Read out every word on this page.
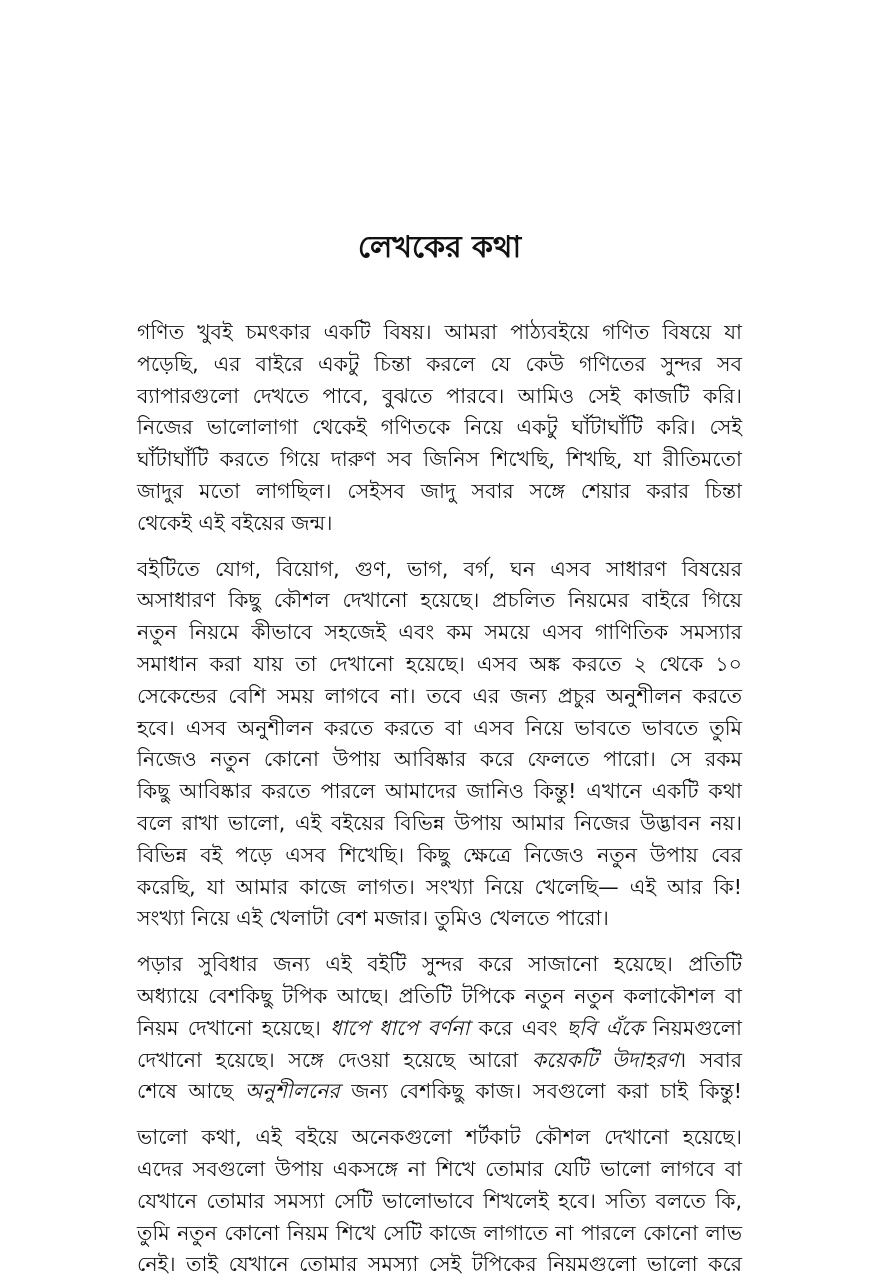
লেখকের কথা

গণিত খুবই চমৎকার একটি বিষয়। আমরা পাঠ্যবইয়ে গণিত বিষয়ে যা
পড়েছি, এর বাইরে একটু চিন্তা করলে যে কেউ গণিতের সুন্দর সব
ব্যাপারগুলো দেখতে পাবে, বুঝতে পারবে। আমিও সেই কাজটি করি।
নিজের ভালোলাগা থেকেই গণিতকে নিয়ে একটু ঘাঁটাঘাঁটি করি। সেই
ঘাঁটাঘাঁটি করতে গিয়ে দারুণ সব জিনিস শিখেছি, শিখছি, যা রীতিমতো
জাদুর মতো লাগছিল। সেইসব জাদু সবার সঙ্গে শেয়ার করার চিন্তা
থেকেই এই বইয়ের জন্ম।

বইটিতে যোগ, বিয়োগ, গুণ, ভাগ, বর্গ, ঘন এসব সাধারণ বিষয়ের
অসাধারণ কিছু কৌশল দেখানো হয়েছে। প্রচলিত নিয়মের বাইরে গিয়ে
নতুন নিয়মে কীভাবে সহজেই এবং কম সময়ে এসব গাণিতিক সমস্যার
সমাধান করা যায় তা দেখানো হয়েছে। এসব অঙ্ক করতে ২ থেকে ১০
সেকেন্ডের বেশি সময় লাগবে না। তবে এর জন্য প্রচুর অনুশীলন করতে
হবে। এসব অনুশীলন করতে করতে বা এসব নিয়ে ভাবতে ভাবতে তুমি
নিজেও নতুন কোনো উপায় আবিষ্কার করে ফেলতে পারো। সে রকম
কিছু আবিষ্কার করতে পারলে আমাদের জানিও কিন্তু! এখানে একটি কথা
বলে রাখা ভালো, এই বইয়ের বিভিন্ন উপায় আমার নিজের উদ্ভাবন নয়।
বিভিন্ন বই পড়ে এসব শিখেছি। কিছু ক্ষেত্রে নিজেও নতুন উপায় বের
করেছি, যা আমার কাজে লাগত। সংখ্যা নিয়ে খেলেছি— এই আর কি!
সংখ্যা নিয়ে এই খেলাটা বেশ মজার। তুমিও খেলতে পারো।

পড়ার সুবিধার জন্য এই বইটি সুন্দর করে সাজানো হয়েছে। প্রতিটি
অধ্যায়ে বেশকিছু টপিক আছে। প্রতিটি টপিকে নতুন নতুন কলাকৌশল বা
নিয়ম দেখানো হয়েছে। ধাপে ধাপে বর্ণনা করে এবং ছবি এঁকে নিয়মগুলো
দেখানো হয়েছে। সঙ্গে দেওয়া হয়েছে আরো কয়েকটি উদাহরণ। সবার
শেষে আছে অনুশীলনের জন্য বেশকিছু কাজ। সবগুলো করা চাই কিন্তু!

ভালো কথা, এই বইয়ে অনেকগুলো শর্টকাট কৌশল দেখানো হয়েছে।
এদের সবগুলো উপায় একসঙ্গে না শিখে তোমার যেটি ভালো লাগবে বা
যেখানে তোমার সমস্যা সেটি ভালোভাবে শিখলেই হবে। সত্যি বলতে কি,
তুমি নতুন কোনো নিয়ম শিখে সেটি কাজে লাগাতে না পারলে কোনো লাভ
নেই। তাই যেখানে তোমার সমস্যা সেই টপিকের নিয়মগুলো ভালো করে
